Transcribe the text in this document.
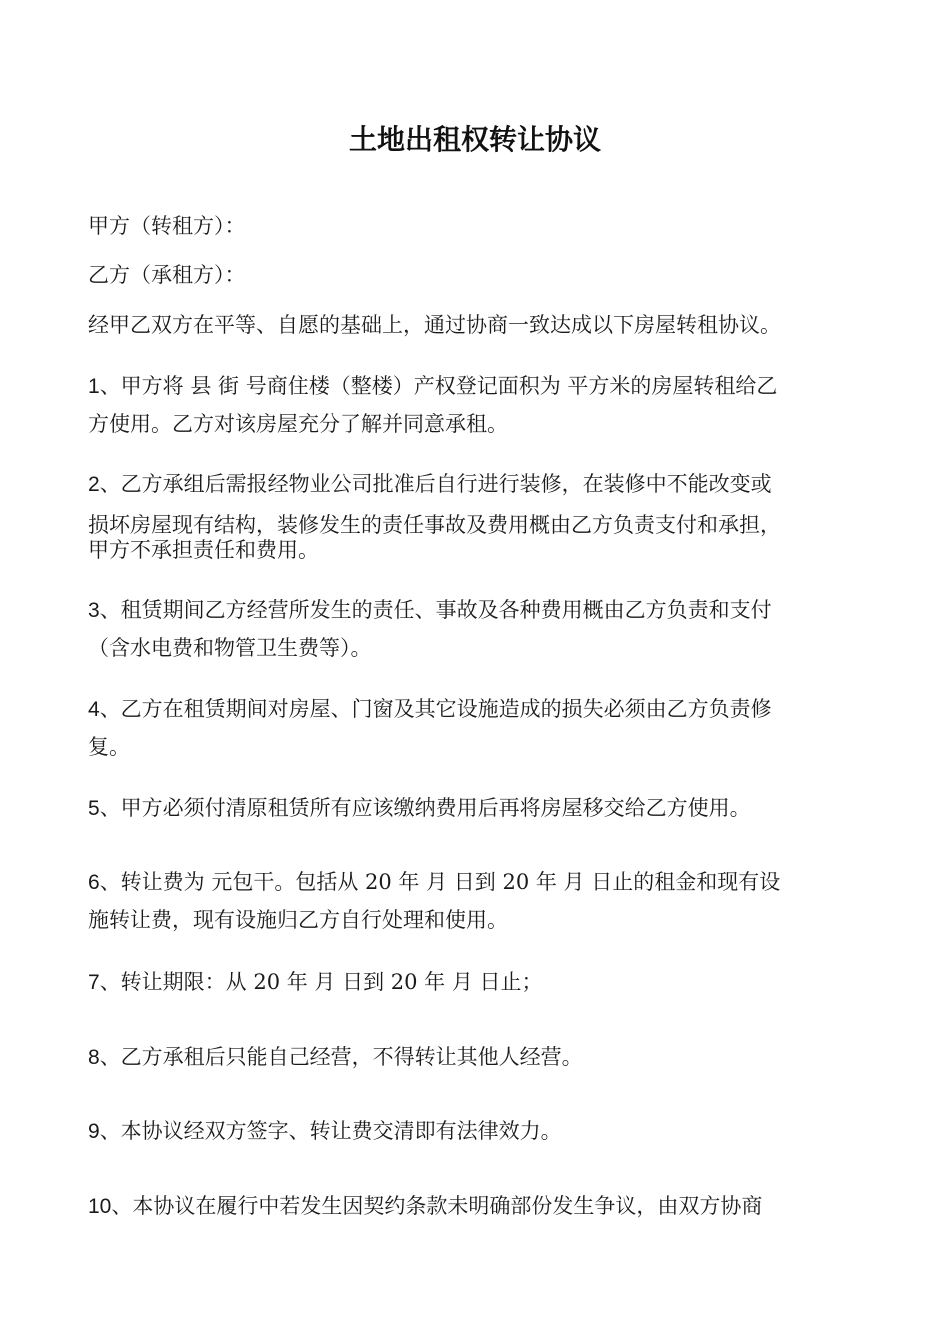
土地出租权转让协议
甲方（转租方）：
乙方（承租方）：
经甲乙双方在平等、自愿的基础上，通过协商一致达成以下房屋转租协议。
1、甲方将 县 街 号商住楼（整楼）产权登记面积为 平方米的房屋转租给乙
方使用。乙方对该房屋充分了解并同意承租。
2、乙方承组后需报经物业公司批准后自行进行装修，在装修中不能改变或
损坏房屋现有结构，装修发生的责任事故及费用概由乙方负责支付和承担，
甲方不承担责任和费用。
3、租赁期间乙方经营所发生的责任、事故及各种费用概由乙方负责和支付
（含水电费和物管卫生费等）。
4、乙方在租赁期间对房屋、门窗及其它设施造成的损失必须由乙方负责修
复。
5、甲方必须付清原租赁所有应该缴纳费用后再将房屋移交给乙方使用。
6、转让费为 元包干。包括从 20 年 月 日到 20 年 月 日止的租金和现有设
施转让费，现有设施归乙方自行处理和使用。
7、转让期限：从 20 年 月 日到 20 年 月 日止；
8、乙方承租后只能自己经营，不得转让其他人经营。
9、本协议经双方签字、转让费交清即有法律效力。
10、本协议在履行中若发生因契约条款未明确部份发生争议，由双方协商
